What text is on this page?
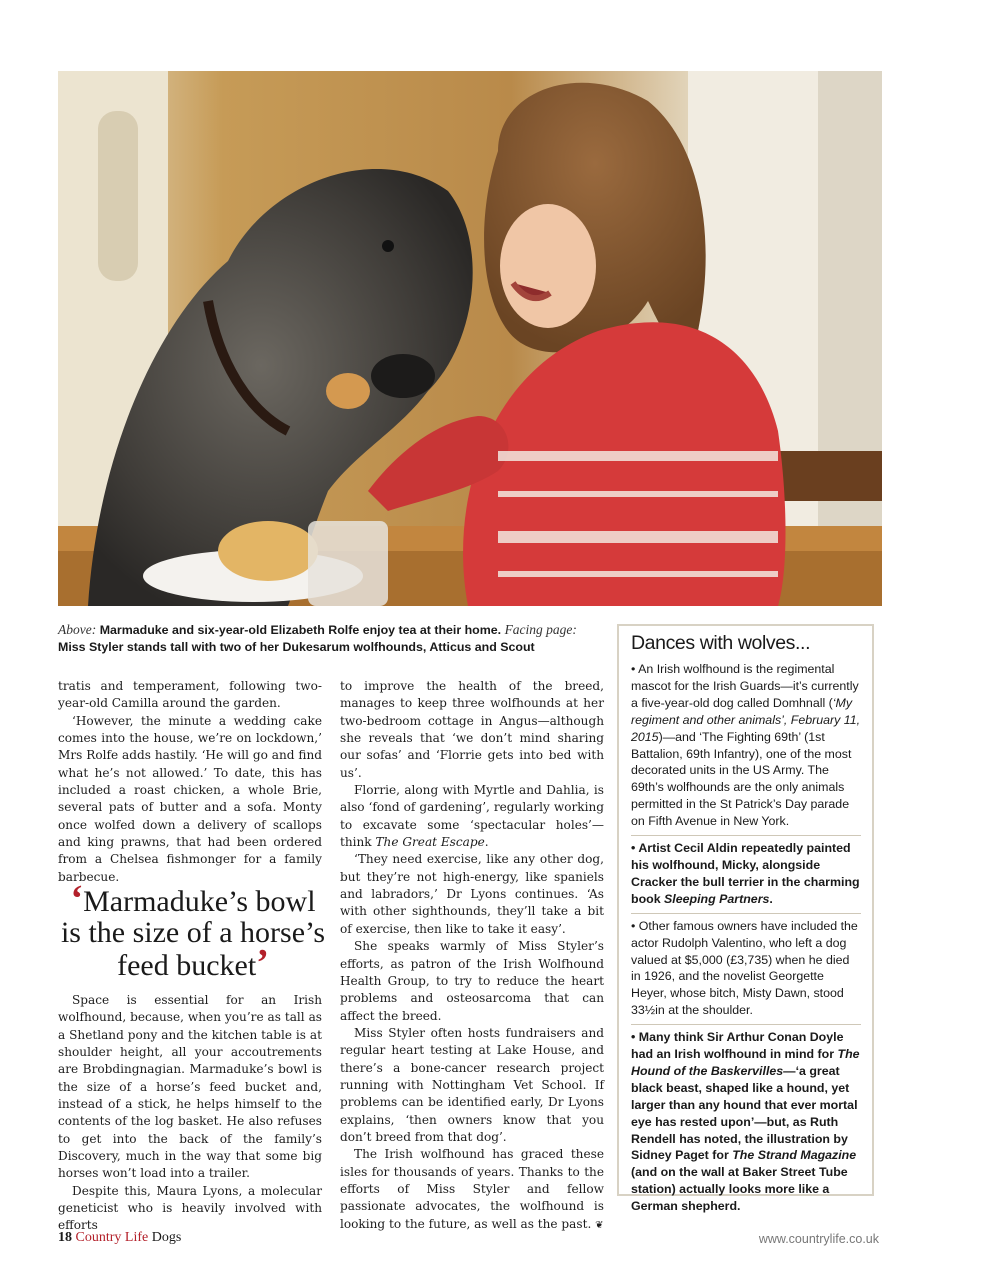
Above: Marmaduke and six-year-old Elizabeth Rolfe enjoy tea at their home. Facing page:
Miss Styler stands tall with two of her Dukesarum wolfhounds, Atticus and Scout

tratis and temperament, following two-year-old Camilla around the garden.

‘However, the minute a wedding cake comes into the house, we’re on lockdown,’ Mrs Rolfe adds hastily. ‘He will go and find what he’s not allowed.’ To date, this has included a roast chicken, a whole Brie, several pats of butter and a sofa. Monty once wolfed down a delivery of scallops and king prawns, that had been ordered from a Chelsea fishmonger for a family barbecue.

‘Marmaduke’s bowl is the size of a horse’s feed bucket’

Space is essential for an Irish wolfhound, because, when you’re as tall as a Shetland pony and the kitchen table is at shoulder height, all your accoutrements are Brobdingnagian. Marmaduke’s bowl is the size of a horse’s feed bucket and, instead of a stick, he helps himself to the contents of the log basket. He also refuses to get into the back of the family’s Discovery, much in the way that some big horses won’t load into a trailer.

Despite this, Maura Lyons, a molecular geneticist who is heavily involved with efforts

to improve the health of the breed, manages to keep three wolfhounds at her two-bedroom cottage in Angus—although she reveals that ‘we don’t mind sharing our sofas’ and ‘Florrie gets into bed with us’.

Florrie, along with Myrtle and Dahlia, is also ‘fond of gardening’, regularly working to excavate some ‘spectacular holes’—think The Great Escape.

‘They need exercise, like any other dog, but they’re not high-energy, like spaniels and labradors,’ Dr Lyons continues. ‘As with other sighthounds, they’ll take a bit of exercise, then like to take it easy’.

She speaks warmly of Miss Styler’s efforts, as patron of the Irish Wolfhound Health Group, to try to reduce the heart problems and osteosarcoma that can affect the breed.

Miss Styler often hosts fundraisers and regular heart testing at Lake House, and there’s a bone-cancer research project running with Nottingham Vet School. If problems can be identified early, Dr Lyons explains, ‘then owners know that you don’t breed from that dog’.

The Irish wolfhound has graced these isles for thousands of years. Thanks to the efforts of Miss Styler and fellow passionate advocates, the wolfhound is looking to the future, as well as the past. ❦

Dances with wolves...

• An Irish wolfhound is the regimental mascot for the Irish Guards—it’s currently a five-year-old dog called Domhnall (‘My regiment and other animals’, February 11, 2015)—and ‘The Fighting 69th’ (1st Battalion, 69th Infantry), one of the most decorated units in the US Army. The 69th’s wolfhounds are the only animals permitted in the St Patrick’s Day parade on Fifth Avenue in New York.

• Artist Cecil Aldin repeatedly painted his wolfhound, Micky, alongside Cracker the bull terrier in the charming book Sleeping Partners.

• Other famous owners have included the actor Rudolph Valentino, who left a dog valued at $5,000 (£3,735) when he died in 1926, and the novelist Georgette Heyer, whose bitch, Misty Dawn, stood 33½in at the shoulder.

• Many think Sir Arthur Conan Doyle had an Irish wolfhound in mind for The Hound of the Baskervilles—‘a great black beast, shaped like a hound, yet larger than any hound that ever mortal eye has rested upon’—but, as Ruth Rendell has noted, the illustration by Sidney Paget for The Strand Magazine (and on the wall at Baker Street Tube station) actually looks more like a German shepherd.

18 Country Life Dogs	www.countrylife.co.uk
